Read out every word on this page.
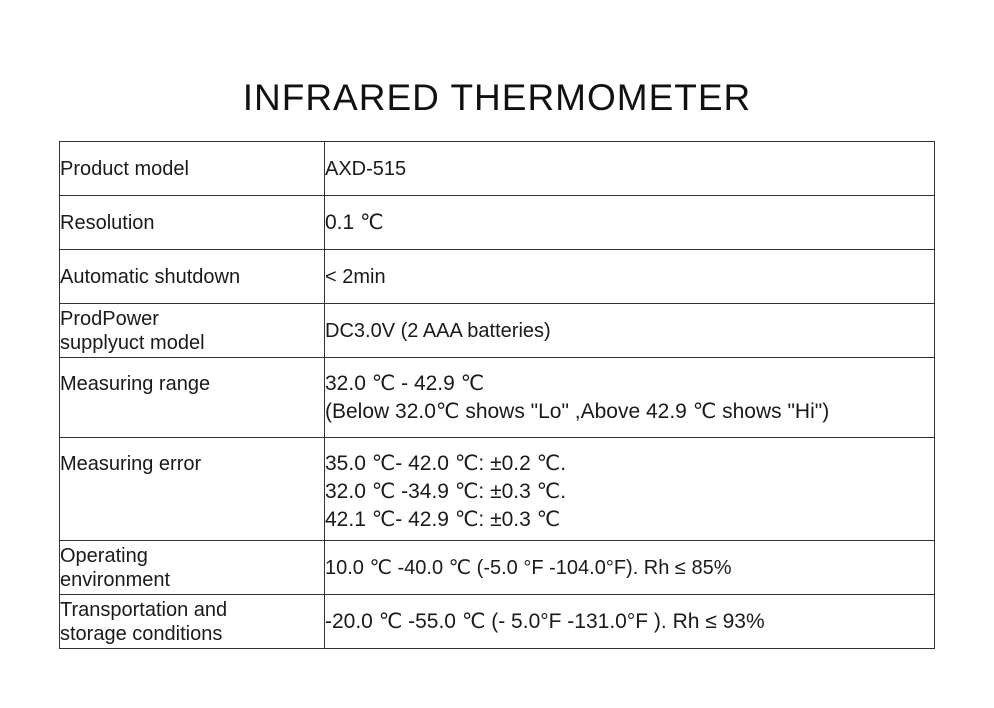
INFRARED THERMOMETER
Product model	AXD-515

Resolution	0.1 ℃

Automatic shutdown	< 2min

ProdPower
supplyuct model	DC3.0V (2 AAA batteries)

Measuring range	32.0 ℃ - 42.9 ℃
(Below 32.0℃ shows "Lo" ,Above 42.9 ℃ shows "Hi")

Measuring error	35.0 ℃- 42.0 ℃: ±0.2 ℃.
32.0 ℃ -34.9 ℃: ±0.3 ℃.
42.1 ℃- 42.9 ℃: ±0.3 ℃

Operating
environment	10.0 ℃ -40.0 ℃ (-5.0 °F -104.0°F). Rh ≤ 85%

Transportation and
storage conditions	-20.0 ℃ -55.0 ℃ (- 5.0°F -131.0°F ). Rh ≤ 93%
